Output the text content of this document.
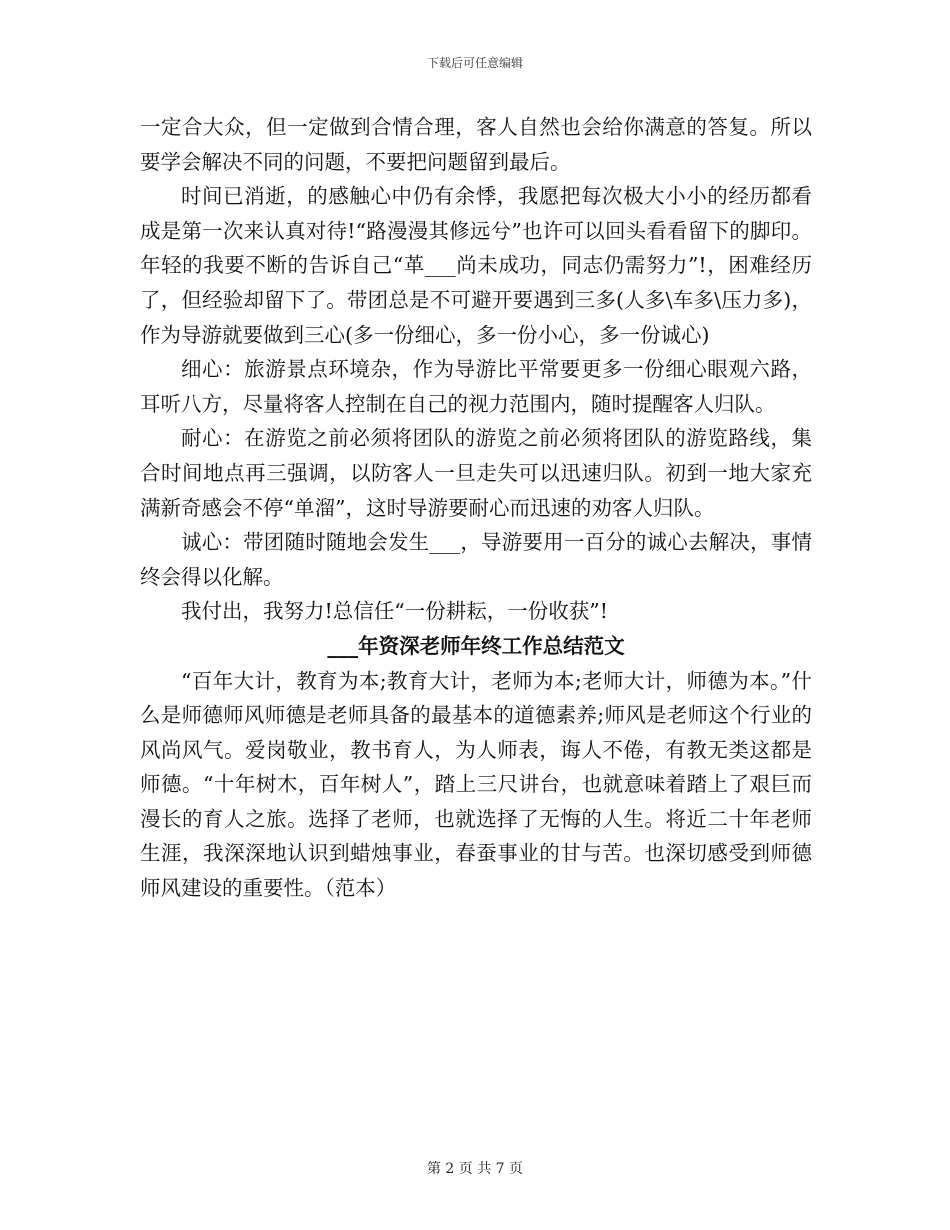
下载后可任意编辑

一定合大众，但一定做到合情合理，客人自然也会给你满意的答复。所以要学会解决不同的问题，不要把问题留到最后。

时间已消逝，的感触心中仍有余悸，我愿把每次极大小小的经历都看成是第一次来认真对待!“路漫漫其修远兮”也许可以回头看看留下的脚印。年轻的我要不断的告诉自己“革___尚未成功，同志仍需努力”!，困难经历了，但经验却留下了。带团总是不可避开要遇到三多(人多\车多\压力多)，作为导游就要做到三心(多一份细心，多一份小心，多一份诚心)

细心：旅游景点环境杂，作为导游比平常要更多一份细心眼观六路，耳听八方，尽量将客人控制在自己的视力范围内，随时提醒客人归队。

耐心：在游览之前必须将团队的游览之前必须将团队的游览路线，集合时间地点再三强调，以防客人一旦走失可以迅速归队。初到一地大家充满新奇感会不停“单溜”，这时导游要耐心而迅速的劝客人归队。

诚心：带团随时随地会发生___，导游要用一百分的诚心去解决，事情终会得以化解。

我付出，我努力!总信任“一份耕耘，一份收获”!

___年资深老师年终工作总结范文

“百年大计，教育为本;教育大计，老师为本;老师大计，师德为本。”什么是师德师风师德是老师具备的最基本的道德素养;师风是老师这个行业的风尚风气。爱岗敬业，教书育人，为人师表，诲人不倦，有教无类这都是师德。“十年树木，百年树人”，踏上三尺讲台，也就意味着踏上了艰巨而漫长的育人之旅。选择了老师，也就选择了无悔的人生。将近二十年老师生涯，我深深地认识到蜡烛事业，春蚕事业的甘与苦。也深切感受到师德师风建设的重要性。（范本）

第 2 页 共 7 页
